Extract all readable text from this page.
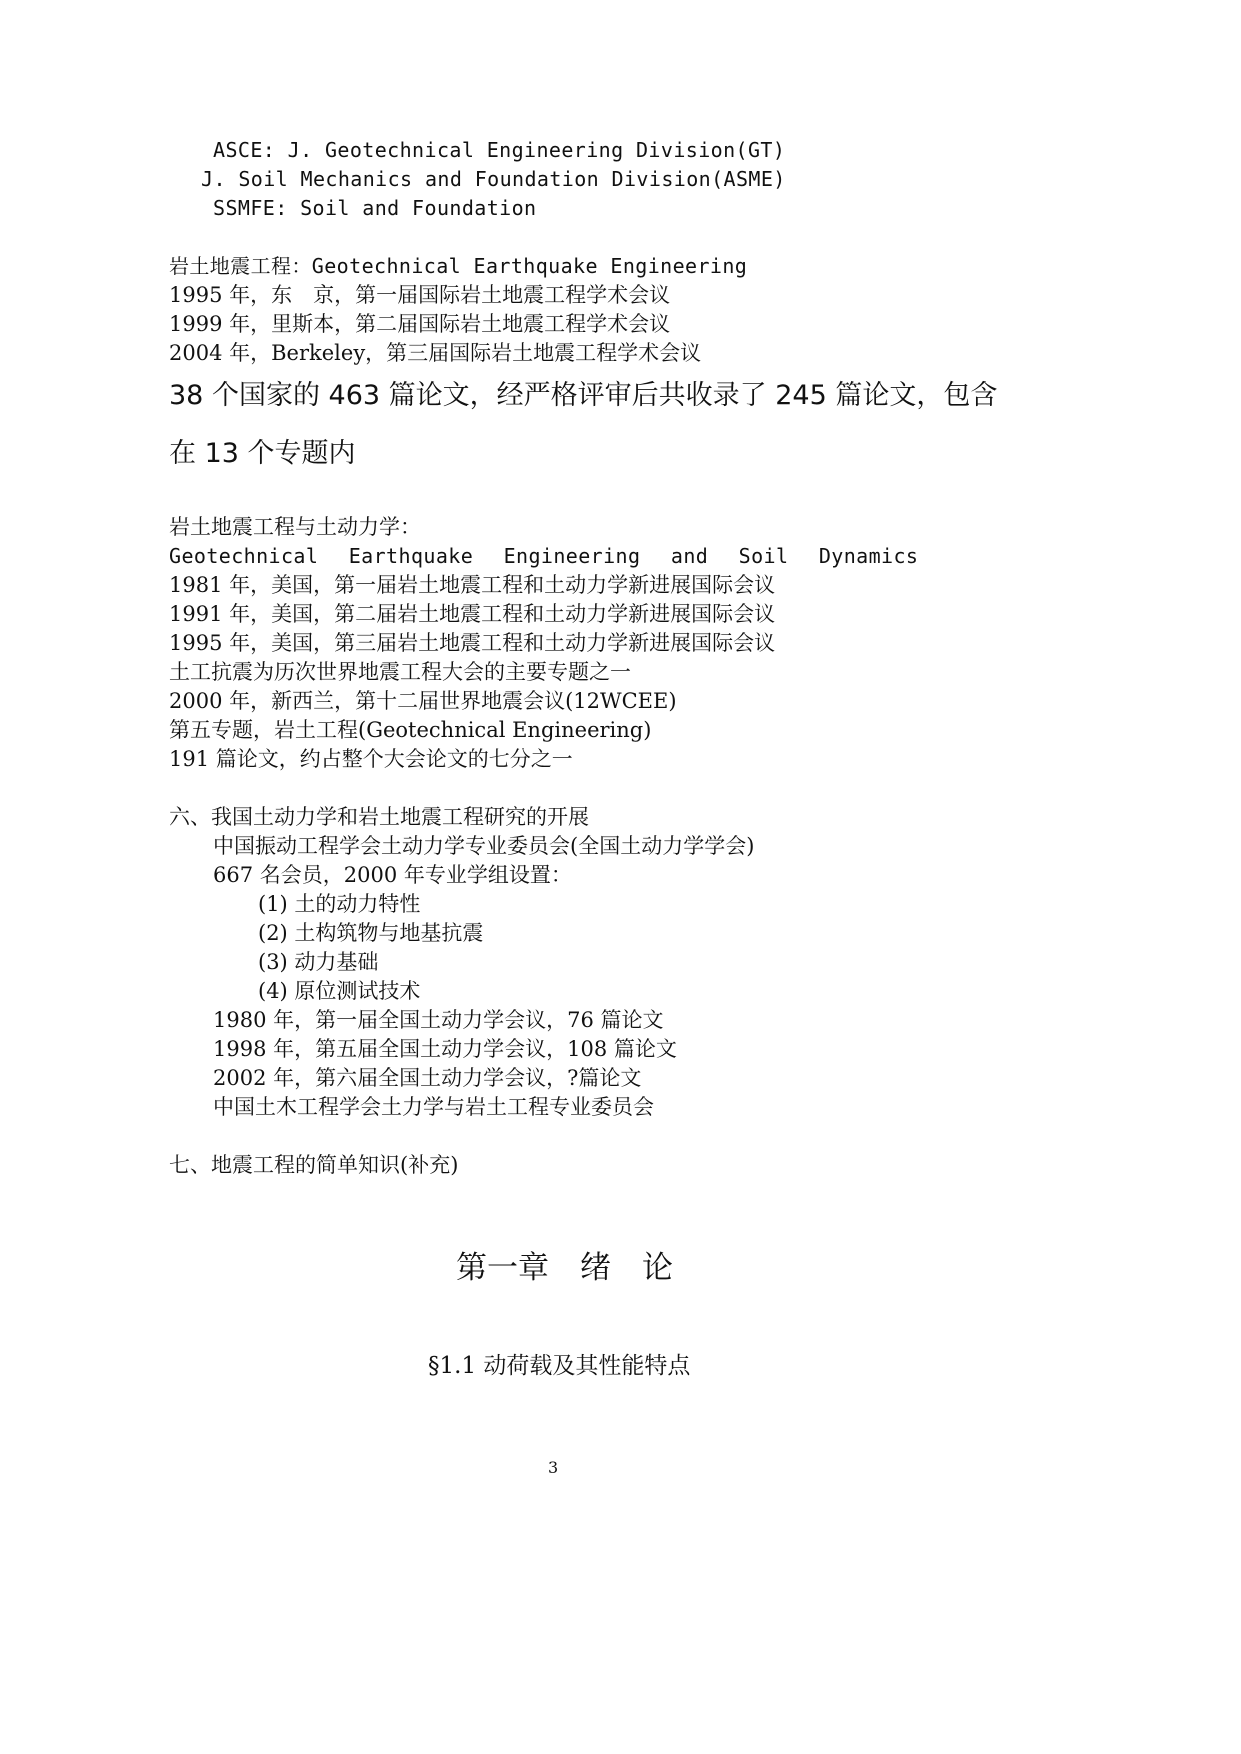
ASCE: J. Geotechnical Engineering Division(GT)
J. Soil Mechanics and Foundation Division(ASME)
SSMFE: Soil and Foundation
岩土地震工程：Geotechnical Earthquake Engineering
1995 年，东　京，第一届国际岩土地震工程学术会议
1999 年，里斯本，第二届国际岩土地震工程学术会议
2004 年，Berkeley，第三届国际岩土地震工程学术会议
38 个国家的 463 篇论文，经严格评审后共收录了 245 篇论文，包含
在 13 个专题内
岩土地震工程与土动力学：
Geotechnical Earthquake Engineering and Soil Dynamics
1981 年，美国，第一届岩土地震工程和土动力学新进展国际会议
1991 年，美国，第二届岩土地震工程和土动力学新进展国际会议
1995 年，美国，第三届岩土地震工程和土动力学新进展国际会议
土工抗震为历次世界地震工程大会的主要专题之一
2000 年，新西兰，第十二届世界地震会议(12WCEE)
第五专题，岩土工程(Geotechnical Engineering)
191 篇论文，约占整个大会论文的七分之一
六、我国土动力学和岩土地震工程研究的开展
中国振动工程学会土动力学专业委员会(全国土动力学学会)
667 名会员，2000 年专业学组设置：
(1) 土的动力特性
(2) 土构筑物与地基抗震
(3) 动力基础
(4) 原位测试技术
1980 年，第一届全国土动力学会议，76 篇论文
1998 年，第五届全国土动力学会议，108 篇论文
2002 年，第六届全国土动力学会议，?篇论文
中国土木工程学会土力学与岩土工程专业委员会
七、地震工程的简单知识(补充)
第一章　绪　论
§1.1 动荷载及其性能特点
3
